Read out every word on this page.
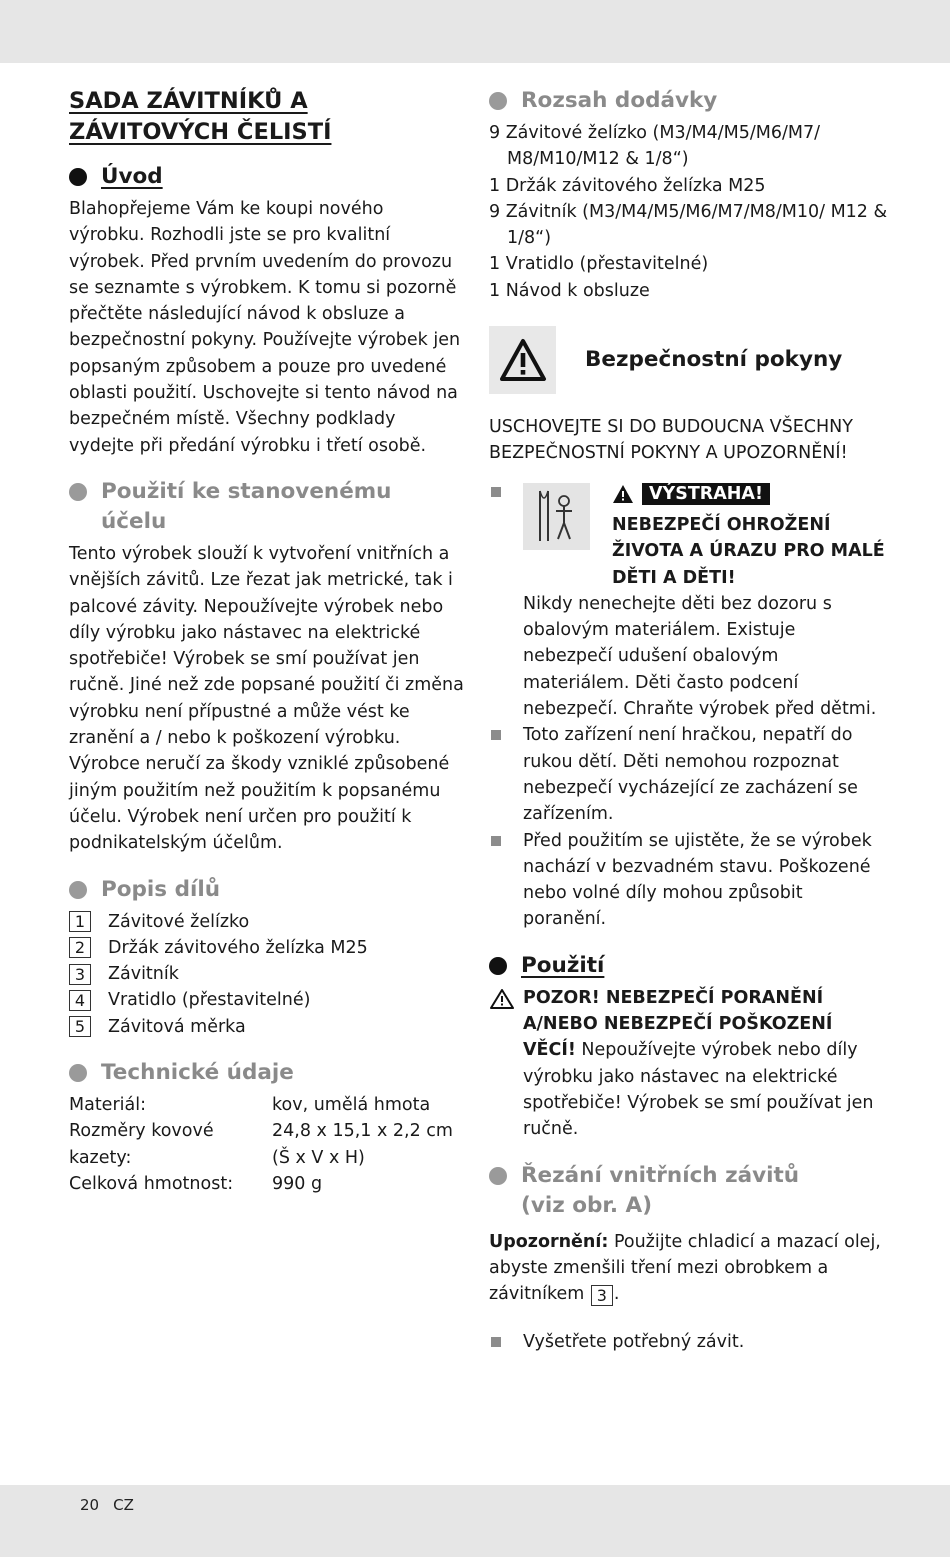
SADA ZÁVITNÍKŮ A
ZÁVITOVÝCH ČELISTÍ
Úvod

Blahopřejeme Vám ke koupi nového výrobku. Rozhodli jste se pro kvalitní výrobek. Před prvním uvedením do provozu se seznamte s výrobkem. K tomu si pozorně přečtěte následující návod k obsluze a bezpečnostní pokyny. Používejte výrobek jen popsaným způsobem a pouze pro uvedené oblasti použití. Uschovejte si tento návod na bezpečném místě. Všechny podklady vydejte při předání výrobku i třetí osobě.

Použití ke stanovenému
účelu

Tento výrobek slouží k vytvoření vnitřních a vnějších závitů. Lze řezat jak metrické, tak i palcové závity. Nepoužívejte výrobek nebo díly výrobku jako nástavec na elektrické spotřebiče! Výrobek se smí používat jen ručně. Jiné než zde popsané použití či změna výrobku není přípustné a může vést ke zranění a / nebo k poškození výrobku. Výrobce neručí za škody vzniklé způsobené jiným použitím než použitím k popsanému účelu. Výrobek není určen pro použití k podnikatelským účelům.

Popis dílů
1	Závitové želízko
2	Držák závitového želízka M25
3	Závitník
4	Vratidlo (přestavitelné)
5	Závitová měrka
Technické údaje
Materiál:	kov, umělá hmota
Rozměry kovové kazety:	24,8 x 15,1 x 2,2 cm
(Š x V x H)
Celková hmotnost:	990 g
Rozsah dodávky
9 Závitové želízko (M3/M4/M5/M6/M7/ M8/M10/M12 & 1/8“)
1 Držák závitového želízka M25
9 Závitník (M3/M4/M5/M6/M7/M8/M10/ M12 & 1/8“)
1 Vratidlo (přestavitelné)
1 Návod k obsluze
Bezpečnostní pokyny

USCHOVEJTE SI DO BUDOUCNA VŠECHNY BEZPEČNOSTNÍ POKYNY A UPOZORNĚNÍ!

VÝSTRAHA!
NEBEZPEČÍ OHROŽENÍ ŽIVOTA A ÚRAZU PRO MALÉ DĚTI A DĚTI!

Nikdy nenechejte děti bez dozoru s obalovým materiálem. Existuje nebezpečí udušení obalovým materiálem. Děti často podcení nebezpečí. Chraňte výrobek před dětmi.

Toto zařízení není hračkou, nepatří do rukou dětí. Děti nemohou rozpoznat nebezpečí vycházející ze zacházení se zařízením.

Před použitím se ujistěte, že se výrobek nachází v bezvadném stavu. Poškozené nebo volné díly mohou způsobit poranění.

Použití

POZOR! NEBEZPEČÍ PORANĚNÍ A/NEBO NEBEZPEČÍ POŠKOZENÍ VĚCÍ! Nepoužívejte výrobek nebo díly výrobku jako nástavec na elektrické spotřebiče! Výrobek se smí používat jen ručně.

Řezání vnitřních závitů
(viz obr. A)

Upozornění: Použijte chladicí a mazací olej, abyste zmenšili tření mezi obrobkem a závitníkem 3 .

Vyšetřete potřebný závit.

20 CZ
